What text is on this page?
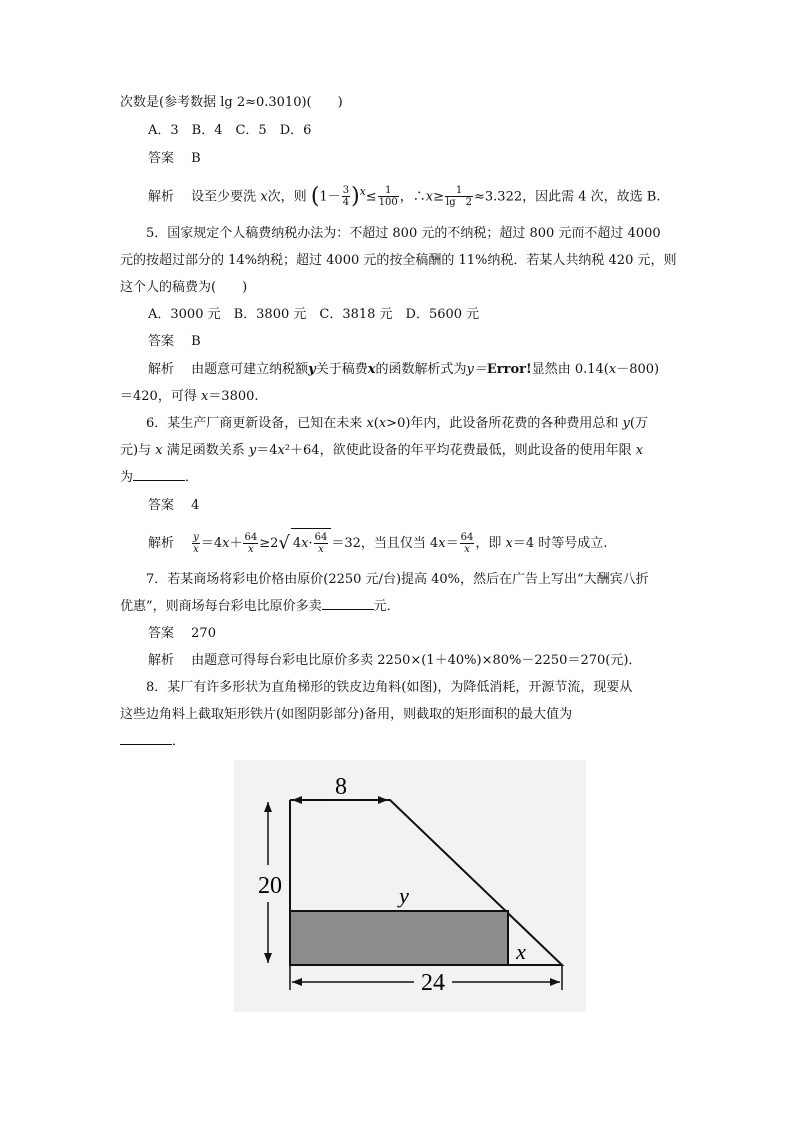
次数是(参考数据 lg 2≈0.3010)(　　)
A．3　B．4　C．5　D．6
答案　 B
解析　 设至少要洗 x次，则 $(1- \frac{3}{4} )^x\le \frac{1}{100}$ ，∴x≥ $\frac{1}{\lg 2} \approx 3.322$，因此需 4 次，故选 B.
5．国家规定个人稿费纳税办法为：不超过 800 元的不纳税；超过 800 元而不超过 4000
元的按超过部分的 14%纳税；超过 4000 元的按全稿酬的 11%纳税．若某人共纳税 420 元，则
这个人的稿费为(　　)
A．3000 元　B．3800 元　C．3818 元　D．5600 元
答案　 B
解析　 由题意可建立纳税额y关于稿费x的函数解析式为y＝Error!显然由 0.14(x－800)
＝420，可得 x＝3800.
6．某生产厂商更新设备，已知在未来 x(x>0)年内，此设备所花费的各种费用总和 y(万
元)与 x 满足函数关系 y＝4x²＋64，欲使此设备的年平均花费最低，则此设备的使用年限 x
为	．
答案　 4
解析　 $\frac{y}{x} =4x+ \frac{64}{x} \ge 2√$ $4x\cdot \frac{64}{x} =32$，当且仅当 $4x= \frac{64}{x}$ ，即 x＝4 时等号成立.
7．若某商场将彩电价格由原价(2250 元/台)提高 40%，然后在广告上写出“大酬宾八折
优惠”，则商场每台彩电比原价多卖	元．
答案　 270
解析　 由题意可得每台彩电比原价多卖 2250×(1＋40%)×80%－2250＝270(元)．
8．某厂有许多形状为直角梯形的铁皮边角料(如图)，为降低消耗，开源节流，现要从
这些边角料上截取矩形铁片(如图阴影部分)备用，则截取的矩形面积的最大值为
．
8
20
24
y
x
